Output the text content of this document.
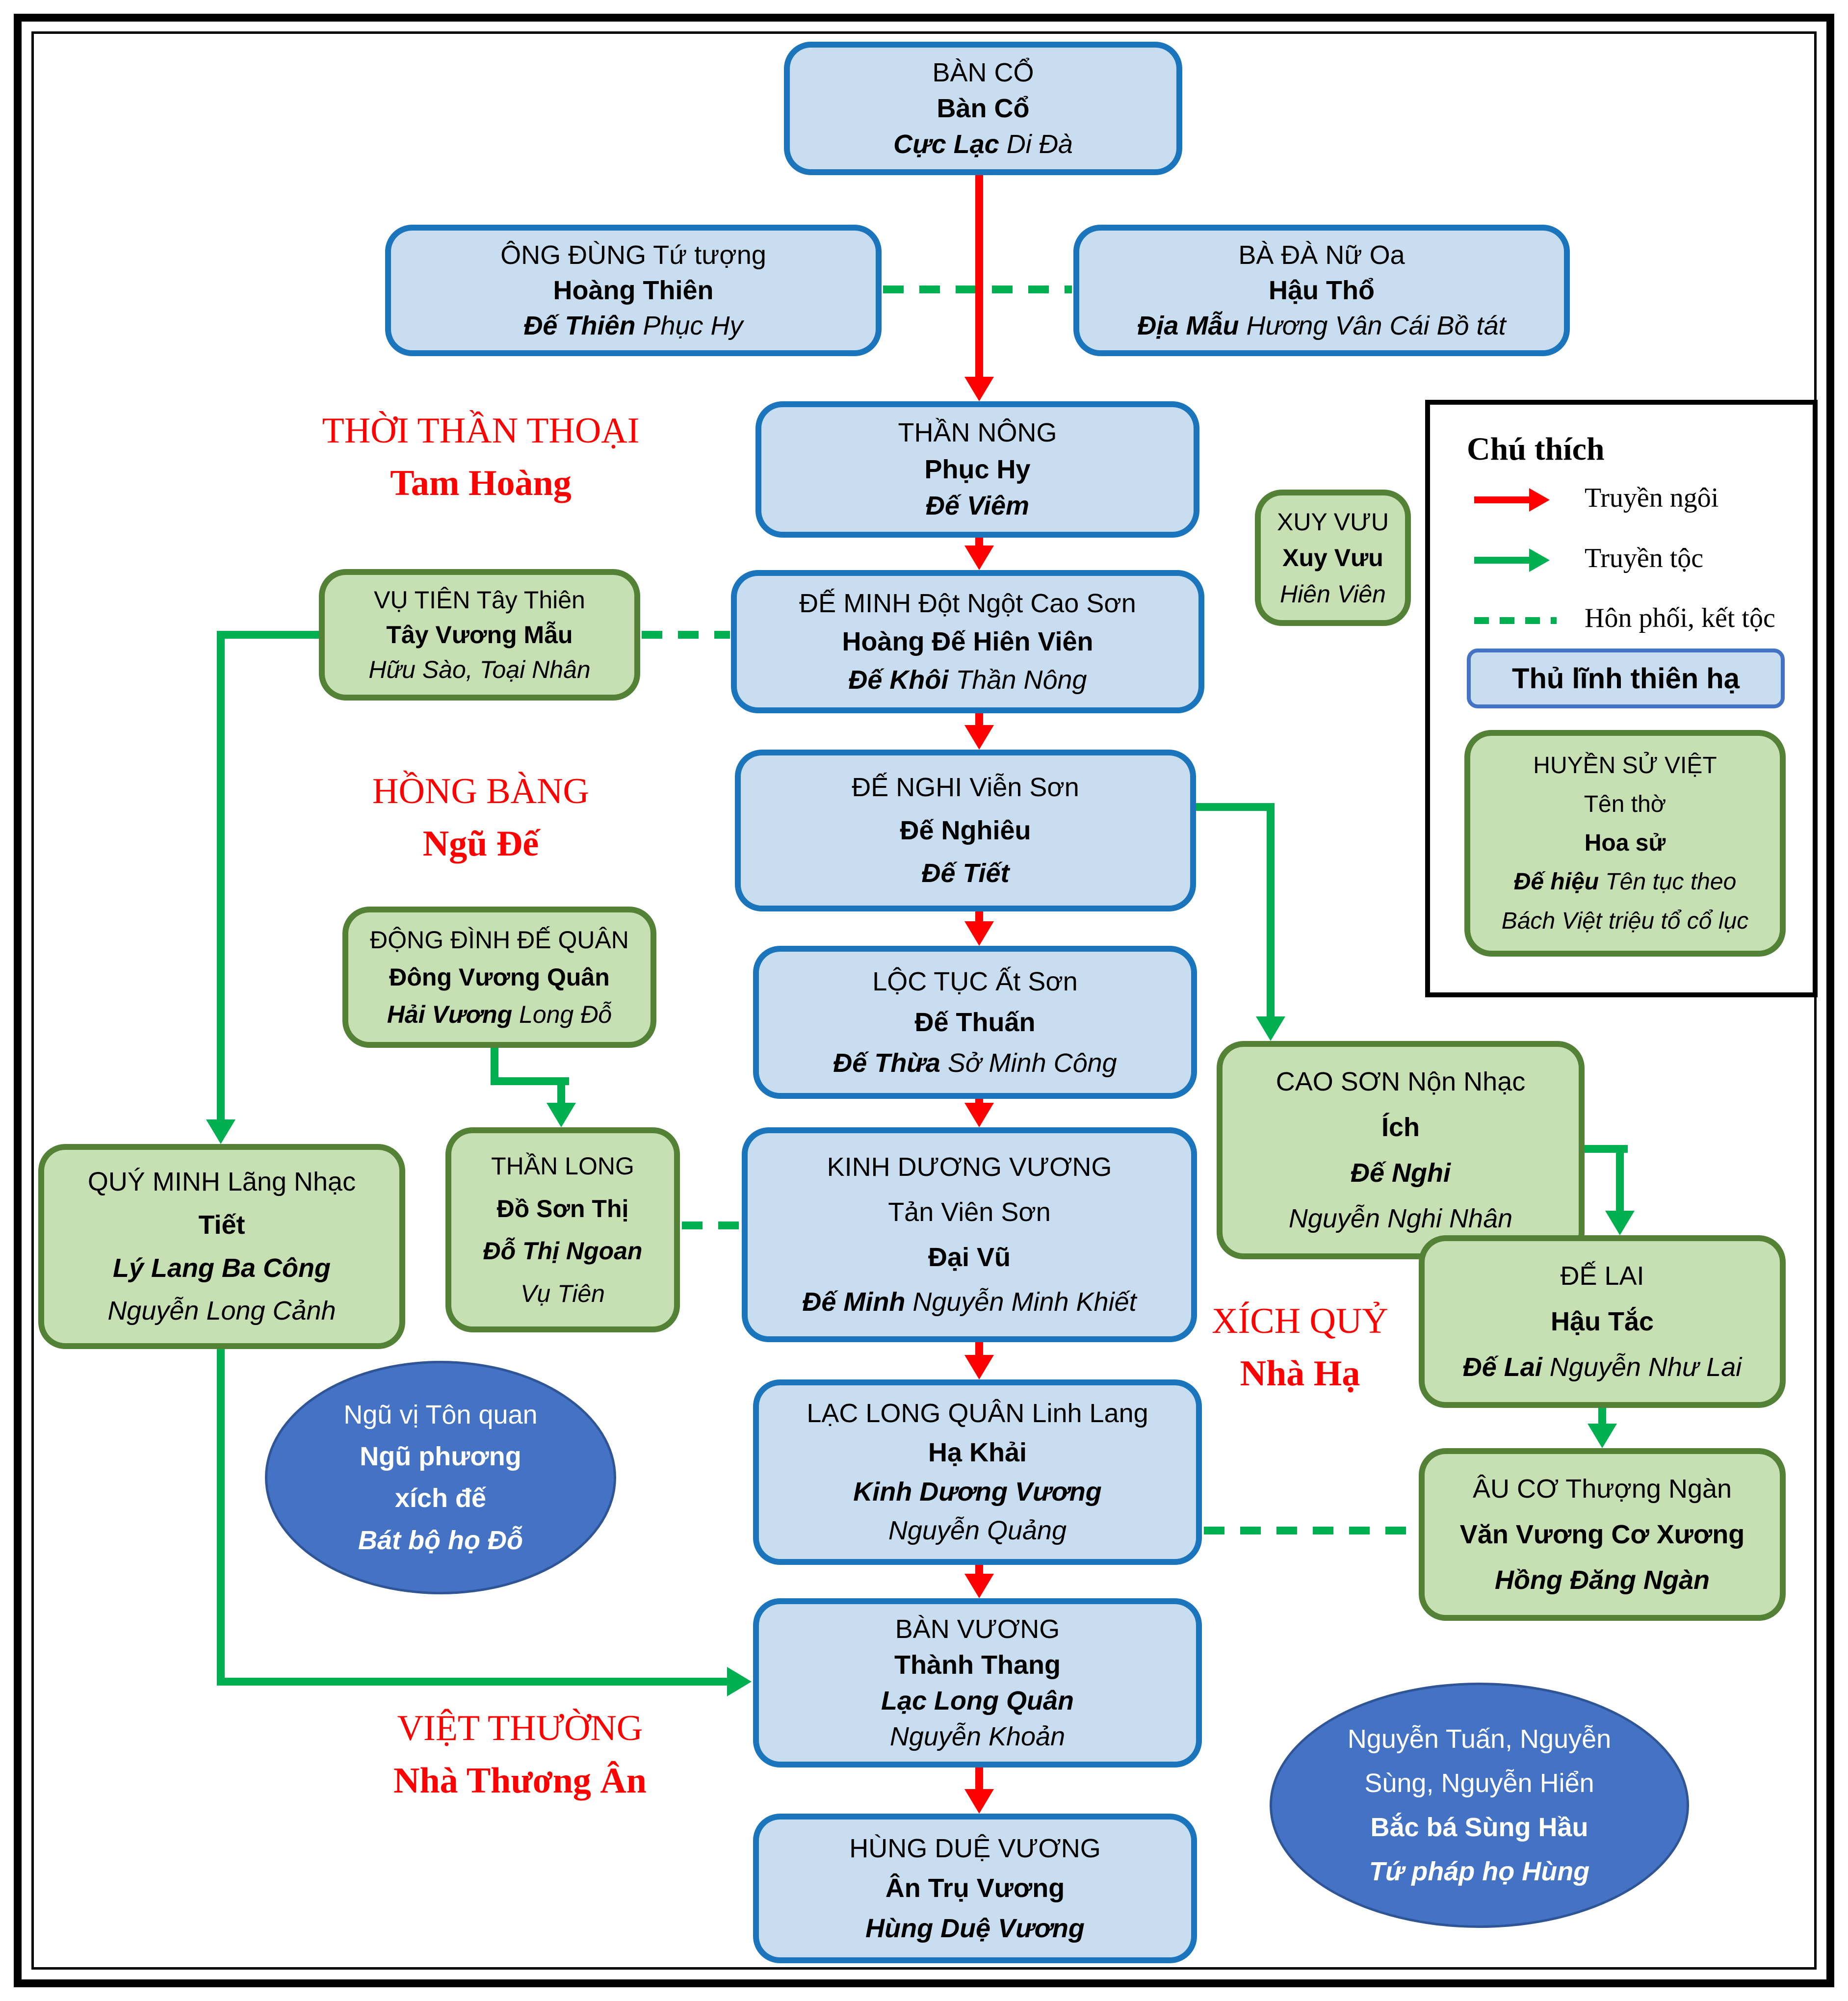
BÀN CỔ
Bàn Cổ
Cực Lạc Di Đà
ÔNG ĐÙNG Tứ tượng
Hoàng Thiên
Đế Thiên Phục Hy
BÀ ĐÀ Nữ Oa
Hậu Thổ
Địa Mẫu Hương Vân Cái Bồ tát
THẦN NÔNG
Phục Hy
Đế Viêm
ĐẾ MINH Đột Ngột Cao Sơn
Hoàng Đế Hiên Viên
Đế Khôi Thần Nông
ĐẾ NGHI Viễn Sơn
Đế Nghiêu
Đế Tiết
LỘC TỤC Ất Sơn
Đế Thuấn
Đế Thừa Sở Minh Công
KINH DƯƠNG VƯƠNG
Tản Viên Sơn
Đại Vũ
Đế Minh Nguyễn Minh Khiết
LẠC LONG QUÂN Linh Lang
Hạ Khải
Kinh Dương Vương
Nguyễn Quảng
BÀN VƯƠNG
Thành Thang
Lạc Long Quân
Nguyễn Khoản
HÙNG DUỆ VƯƠNG
Ân Trụ Vương
Hùng Duệ Vương
XUY VƯU
Xuy Vưu
Hiên Viên
VỤ TIÊN Tây Thiên
Tây Vương Mẫu
Hữu Sào, Toại Nhân
ĐỘNG ĐÌNH ĐẾ QUÂN
Đông Vương Quân
Hải Vương Long Đỗ
CAO SƠN Nộn Nhạc
Ích
Đế Nghi
Nguyễn Nghi Nhân
QUÝ MINH Lãng Nhạc
Tiết
Lý Lang Ba Công
Nguyễn Long Cảnh
THẦN LONG
Đồ Sơn Thị
Đỗ Thị Ngoan
Vụ Tiên
ĐẾ LAI
Hậu Tắc
Đế Lai Nguyễn Như Lai
ÂU CƠ Thượng Ngàn
Văn Vương Cơ Xương
Hồng Đăng Ngàn
Ngũ vị Tôn quan
Ngũ phương
xích đế
Bát bộ họ Đỗ
Nguyễn Tuấn, Nguyễn
Sùng, Nguyễn Hiển
Bắc bá Sùng Hầu
Tứ pháp họ Hùng
THỜI THẦN THOẠI
Tam Hoàng
HỒNG BÀNG
Ngũ Đế
XÍCH QUỶ
Nhà Hạ
VIỆT THƯỜNG
Nhà Thương Ân
Chú thích
Truyền ngôi
Truyền tộc
Hôn phối, kết tộc
Thủ lĩnh thiên hạ
HUYỀN SỬ VIỆT
Tên thờ
Hoa sử
Đế hiệu Tên tục theo
Bách Việt triệu tổ cổ lục
